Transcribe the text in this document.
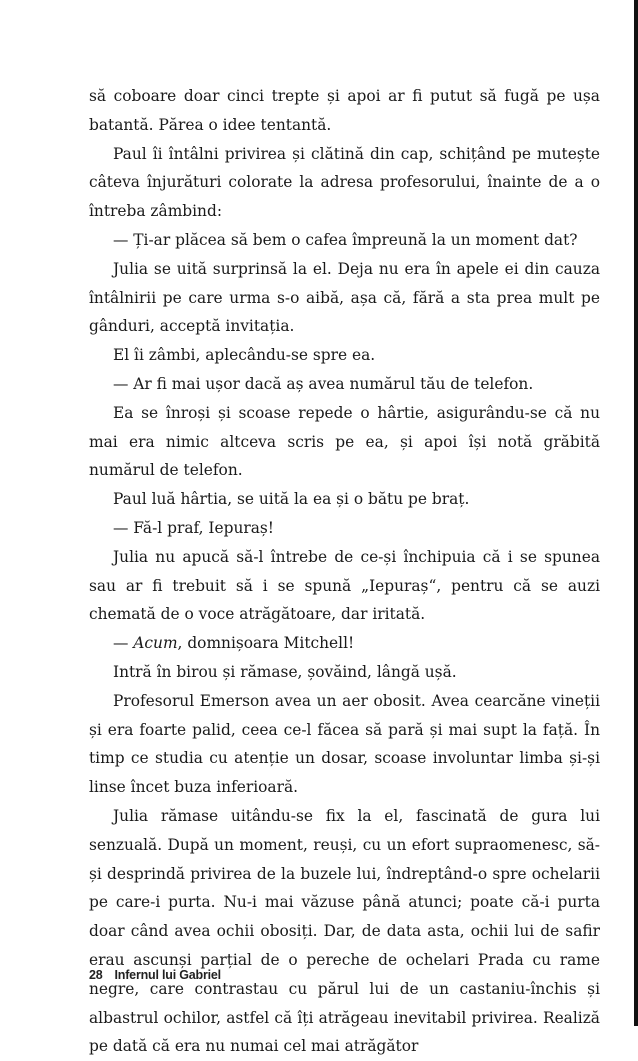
să coboare doar cinci trepte și apoi ar fi putut să fugă pe ușa batantă. Părea o idee tentantă.

Paul îi întâlni privirea și clătină din cap, schițând pe mutește câteva înjurături colorate la adresa profesorului, înainte de a o întreba zâmbind:

— Ți-ar plăcea să bem o cafea împreună la un moment dat?

Julia se uită surprinsă la el. Deja nu era în apele ei din cauza întâlnirii pe care urma s-o aibă, așa că, fără a sta prea mult pe gânduri, acceptă invitația.

El îi zâmbi, aplecându-se spre ea.

— Ar fi mai ușor dacă aș avea numărul tău de telefon.

Ea se înroși și scoase repede o hârtie, asigurându-se că nu mai era nimic altceva scris pe ea, și apoi își notă grăbită numărul de telefon.

Paul luă hârtia, se uită la ea și o bătu pe braț.

— Fă-l praf, Iepuraș!

Julia nu apucă să-l întrebe de ce-și închipuia că i se spunea sau ar fi trebuit să i se spună „Iepuraș“, pentru că se auzi chemată de o voce atrăgătoare, dar iritată.

— Acum, domnișoara Mitchell!

Intră în birou și rămase, șovăind, lângă ușă.

Profesorul Emerson avea un aer obosit. Avea cearcăne vineții și era foarte palid, ceea ce-l făcea să pară și mai supt la față. În timp ce studia cu atenție un dosar, scoase involuntar limba și-și linse încet buza inferioară.

Julia rămase uitându-se fix la el, fascinată de gura lui senzuală. După un moment, reuși, cu un efort supraomenesc, să-și desprindă privirea de la buzele lui, îndreptând-o spre ochelarii pe care-i purta. Nu-i mai văzuse până atunci; poate că-i purta doar când avea ochii obosiți. Dar, de data asta, ochii lui de safir erau ascunși parțial de o pereche de ochelari Prada cu rame negre, care contrastau cu părul lui de un castaniu-închis și albastrul ochilor, astfel că îți atrăgeau inevitabil privirea. Realiză pe dată că era nu numai cel mai atrăgător

28 Infernul lui Gabriel
